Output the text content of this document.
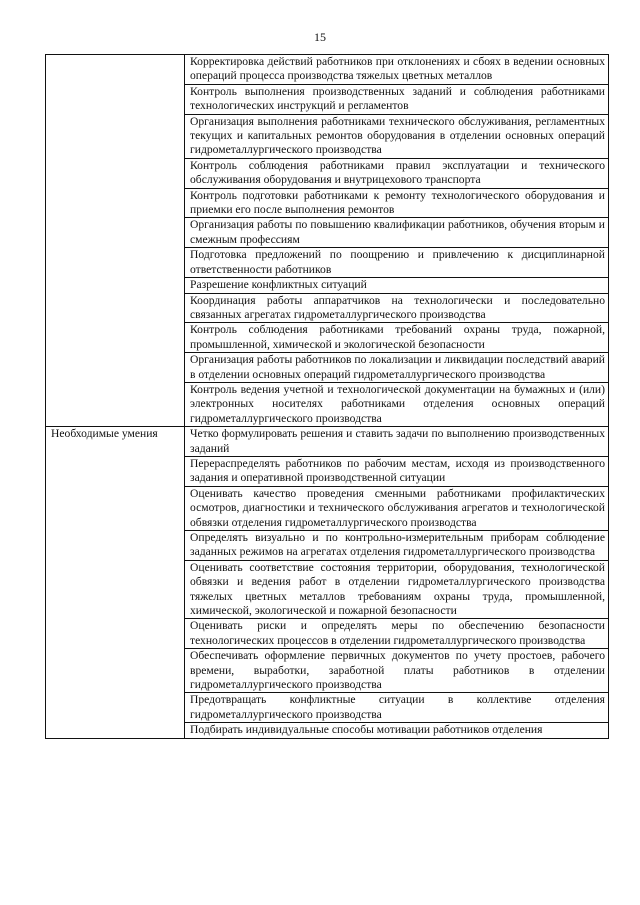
15
	Корректировка действий работников при отклонениях и сбоях в ведении основных операций процесса производства тяжелых цветных металлов
	Контроль выполнения производственных заданий и соблюдения работниками технологических инструкций и регламентов
	Организация выполнения работниками технического обслуживания, регламентных текущих и капитальных ремонтов оборудования в отделении основных операций гидрометаллургического производства
	Контроль соблюдения работниками правил эксплуатации и технического обслуживания оборудования и внутрицехового транспорта
	Контроль подготовки работниками к ремонту технологического оборудования и приемки его после выполнения ремонтов
	Организация работы по повышению квалификации работников, обучения вторым и смежным профессиям
	Подготовка предложений по поощрению и привлечению к дисциплинарной ответственности работников
	Разрешение конфликтных ситуаций
	Координация работы аппаратчиков на технологически и последовательно связанных агрегатах гидрометаллургического производства
	Контроль соблюдения работниками требований охраны труда, пожарной, промышленной, химической и экологической безопасности
	Организация работы работников по локализации и ликвидации последствий аварий в отделении основных операций гидрометаллургического производства
	Контроль ведения учетной и технологической документации на бумажных и (или) электронных носителях работниками отделения основных операций гидрометаллургического производства
Необходимые умения	Четко формулировать решения и ставить задачи по выполнению производственных заданий
	Перераспределять работников по рабочим местам, исходя из производственного задания и оперативной производственной ситуации
	Оценивать качество проведения сменными работниками профилактических осмотров, диагностики и технического обслуживания агрегатов и технологической обвязки отделения гидрометаллургического производства
	Определять визуально и по контрольно-измерительным приборам соблюдение заданных режимов на агрегатах отделения гидрометаллургического производства
	Оценивать соответствие состояния территории, оборудования, технологической обвязки и ведения работ в отделении гидрометаллургического производства тяжелых цветных металлов требованиям охраны труда, промышленной, химической, экологической и пожарной безопасности
	Оценивать риски и определять меры по обеспечению безопасности технологических процессов в отделении гидрометаллургического производства
	Обеспечивать оформление первичных документов по учету простоев, рабочего времени, выработки, заработной платы работников в отделении гидрометаллургического производства
	Предотвращать конфликтные ситуации в коллективе отделения гидрометаллургического производства
	Подбирать индивидуальные способы мотивации работников отделения
